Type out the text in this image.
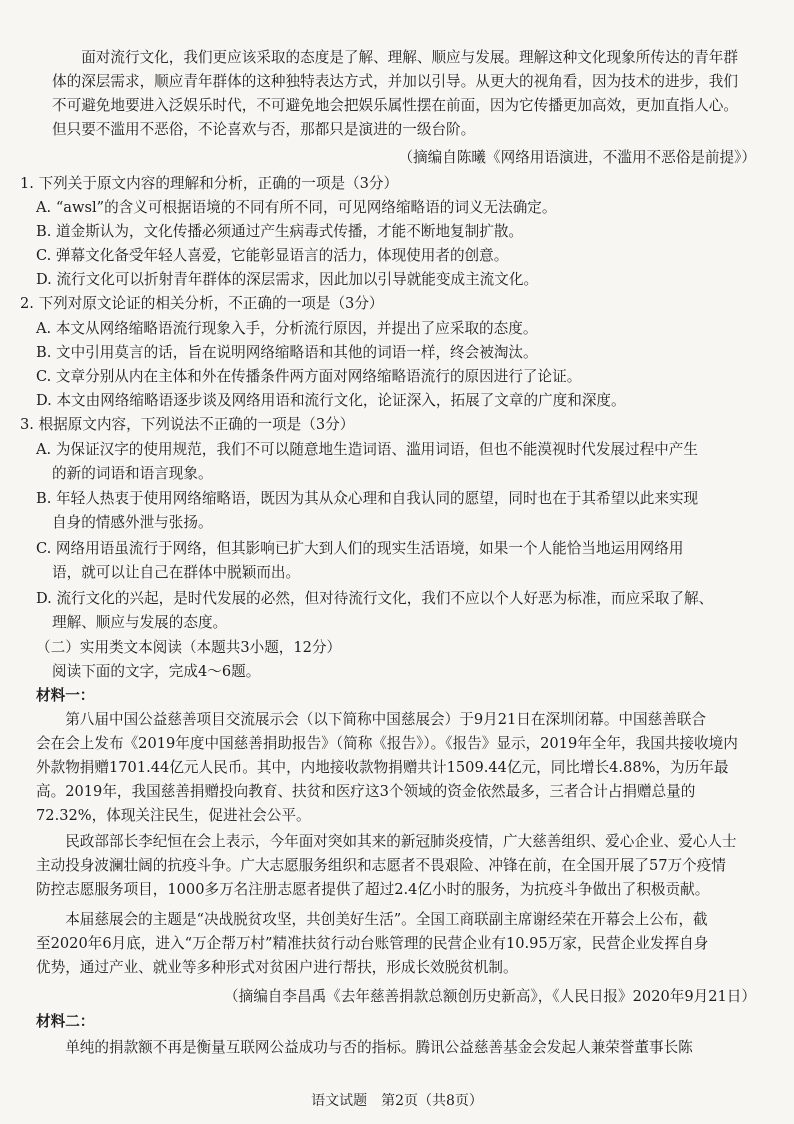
面对流行文化，我们更应该采取的态度是了解、理解、顺应与发展。理解这种文化现象所传达的青年群
体的深层需求，顺应青年群体的这种独特表达方式，并加以引导。从更大的视角看，因为技术的进步，我们
不可避免地要进入泛娱乐时代，不可避免地会把娱乐属性摆在前面，因为它传播更加高效，更加直指人心。
但只要不滥用不恶俗，不论喜欢与否，那都只是演进的一级台阶。
（摘编自陈曦《网络用语演进，不滥用不恶俗是前提》）
1. 下列关于原文内容的理解和分析，正确的一项是（3分）
A. “awsl”的含义可根据语境的不同有所不同，可见网络缩略语的词义无法确定。
B. 道金斯认为，文化传播必须通过产生病毒式传播，才能不断地复制扩散。
C. 弹幕文化备受年轻人喜爱，它能彰显语言的活力，体现使用者的创意。
D. 流行文化可以折射青年群体的深层需求，因此加以引导就能变成主流文化。
2. 下列对原文论证的相关分析，不正确的一项是（3分）
A. 本文从网络缩略语流行现象入手，分析流行原因，并提出了应采取的态度。
B. 文中引用莫言的话，旨在说明网络缩略语和其他的词语一样，终会被淘汰。
C. 文章分别从内在主体和外在传播条件两方面对网络缩略语流行的原因进行了论证。
D. 本文由网络缩略语逐步谈及网络用语和流行文化，论证深入，拓展了文章的广度和深度。
3. 根据原文内容，下列说法不正确的一项是（3分）
A. 为保证汉字的使用规范，我们不可以随意地生造词语、滥用词语，但也不能漠视时代发展过程中产生
的新的词语和语言现象。
B. 年轻人热衷于使用网络缩略语，既因为其从众心理和自我认同的愿望，同时也在于其希望以此来实现
自身的情感外泄与张扬。
C. 网络用语虽流行于网络，但其影响已扩大到人们的现实生活语境，如果一个人能恰当地运用网络用
语，就可以让自己在群体中脱颖而出。
D. 流行文化的兴起，是时代发展的必然，但对待流行文化，我们不应以个人好恶为标准，而应采取了解、
理解、顺应与发展的态度。
（二）实用类文本阅读（本题共3小题，12分）
阅读下面的文字，完成4～6题。
材料一：
第八届中国公益慈善项目交流展示会（以下简称中国慈展会）于9月21日在深圳闭幕。中国慈善联合
会在会上发布《2019年度中国慈善捐助报告》（简称《报告》）。《报告》显示，2019年全年，我国共接收境内
外款物捐赠1701.44亿元人民币。其中，内地接收款物捐赠共计1509.44亿元，同比增长4.88%，为历年最
高。2019年，我国慈善捐赠投向教育、扶贫和医疗这3个领域的资金依然最多，三者合计占捐赠总量的
72.32%，体现关注民生，促进社会公平。
民政部部长李纪恒在会上表示，今年面对突如其来的新冠肺炎疫情，广大慈善组织、爱心企业、爱心人士
主动投身波澜壮阔的抗疫斗争。广大志愿服务组织和志愿者不畏艰险、冲锋在前，在全国开展了57万个疫情
防控志愿服务项目，1000多万名注册志愿者提供了超过2.4亿小时的服务，为抗疫斗争做出了积极贡献。
本届慈展会的主题是“决战脱贫攻坚，共创美好生活”。全国工商联副主席谢经荣在开幕会上公布，截
至2020年6月底，进入“万企帮万村”精准扶贫行动台账管理的民营企业有10.95万家，民营企业发挥自身
优势，通过产业、就业等多种形式对贫困户进行帮扶，形成长效脱贫机制。
（摘编自李昌禹《去年慈善捐款总额创历史新高》，《人民日报》2020年9月21日）
材料二：
单纯的捐款额不再是衡量互联网公益成功与否的指标。腾讯公益慈善基金会发起人兼荣誉董事长陈
语文试题　第2页（共8页）
